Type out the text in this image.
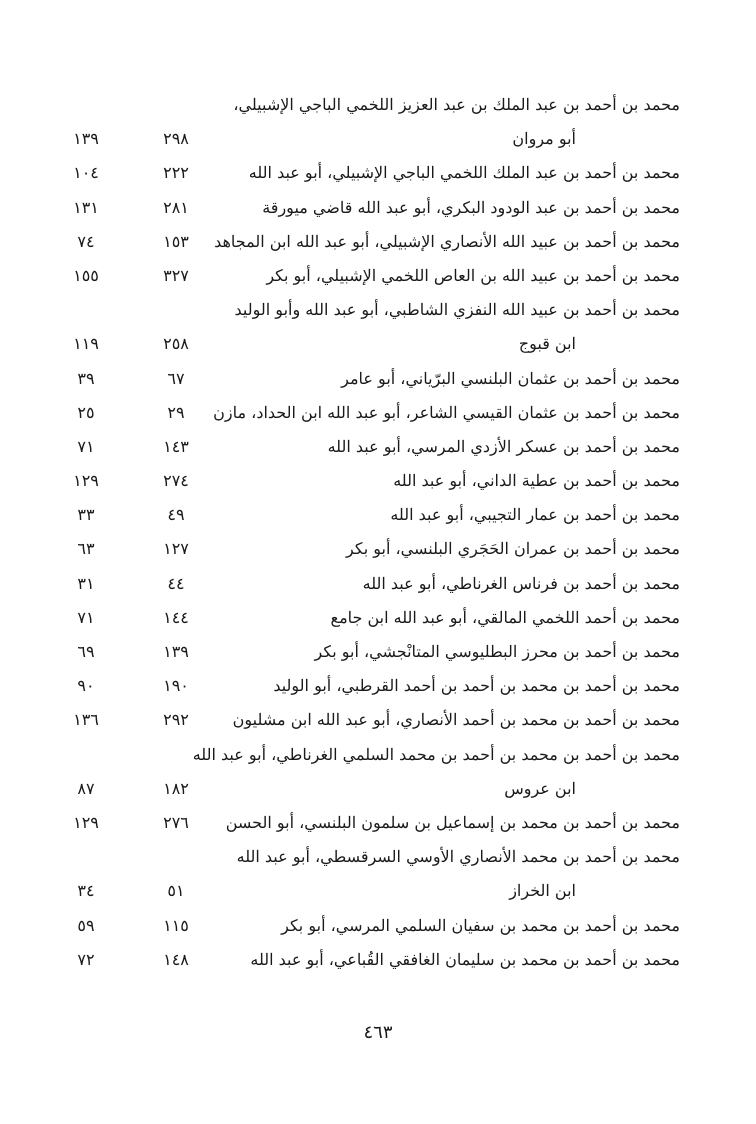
محمد بن أحمد بن عبد الملك بن عبد العزيز اللخمي الباجي الإشبيلي،
أبو مروان
٢٩٨
١٣٩
محمد بن أحمد بن عبد الملك اللخمي الباجي الإشبيلي، أبو عبد الله
٢٢٢
١٠٤
محمد بن أحمد بن عبد الودود البكري، أبو عبد الله قاضي ميورقة
٢٨١
١٣١
محمد بن أحمد بن عبيد الله الأنصاري الإشبيلي، أبو عبد الله ابن المجاهد
١٥٣
٧٤
محمد بن أحمد بن عبيد الله بن العاص اللخمي الإشبيلي، أبو بكر
٣٢٧
١٥٥
محمد بن أحمد بن عبيد الله النفزي الشاطبي، أبو عبد الله وأبو الوليد
ابن قبوج
٢٥٨
١١٩
محمد بن أحمد بن عثمان البلنسي البرّياني، أبو عامر
٦٧
٣٩
محمد بن أحمد بن عثمان القيسي الشاعر، أبو عبد الله ابن الحداد، مازن
٢٩
٢٥
محمد بن أحمد بن عسكر الأزدي المرسي، أبو عبد الله
١٤٣
٧١
محمد بن أحمد بن عطية الداني، أبو عبد الله
٢٧٤
١٢٩
محمد بن أحمد بن عمار التجيبي، أبو عبد الله
٤٩
٣٣
محمد بن أحمد بن عمران الحَجَري البلنسي، أبو بكر
١٢٧
٦٣
محمد بن أحمد بن فرناس الغرناطي، أبو عبد الله
٤٤
٣١
محمد بن أحمد اللخمي المالقي، أبو عبد الله ابن جامع
١٤٤
٧١
محمد بن أحمد بن محرز البطليوسي المتانْجشي، أبو بكر
١٣٩
٦٩
محمد بن أحمد بن محمد بن أحمد بن أحمد القرطبي، أبو الوليد
١٩٠
٩٠
محمد بن أحمد بن محمد بن أحمد الأنصاري، أبو عبد الله ابن مشليون
٢٩٢
١٣٦
محمد بن أحمد بن محمد بن أحمد بن محمد السلمي الغرناطي، أبو عبد الله
ابن عروس
١٨٢
٨٧
محمد بن أحمد بن محمد بن إسماعيل بن سلمون البلنسي، أبو الحسن
٢٧٦
١٢٩
محمد بن أحمد بن محمد الأنصاري الأوسي السرقسطي، أبو عبد الله
ابن الخراز
٥١
٣٤
محمد بن أحمد بن محمد بن سفيان السلمي المرسي، أبو بكر
١١٥
٥٩
محمد بن أحمد بن محمد بن سليمان الغافقي القُباعي، أبو عبد الله
١٤٨
٧٢
٤٦٣
